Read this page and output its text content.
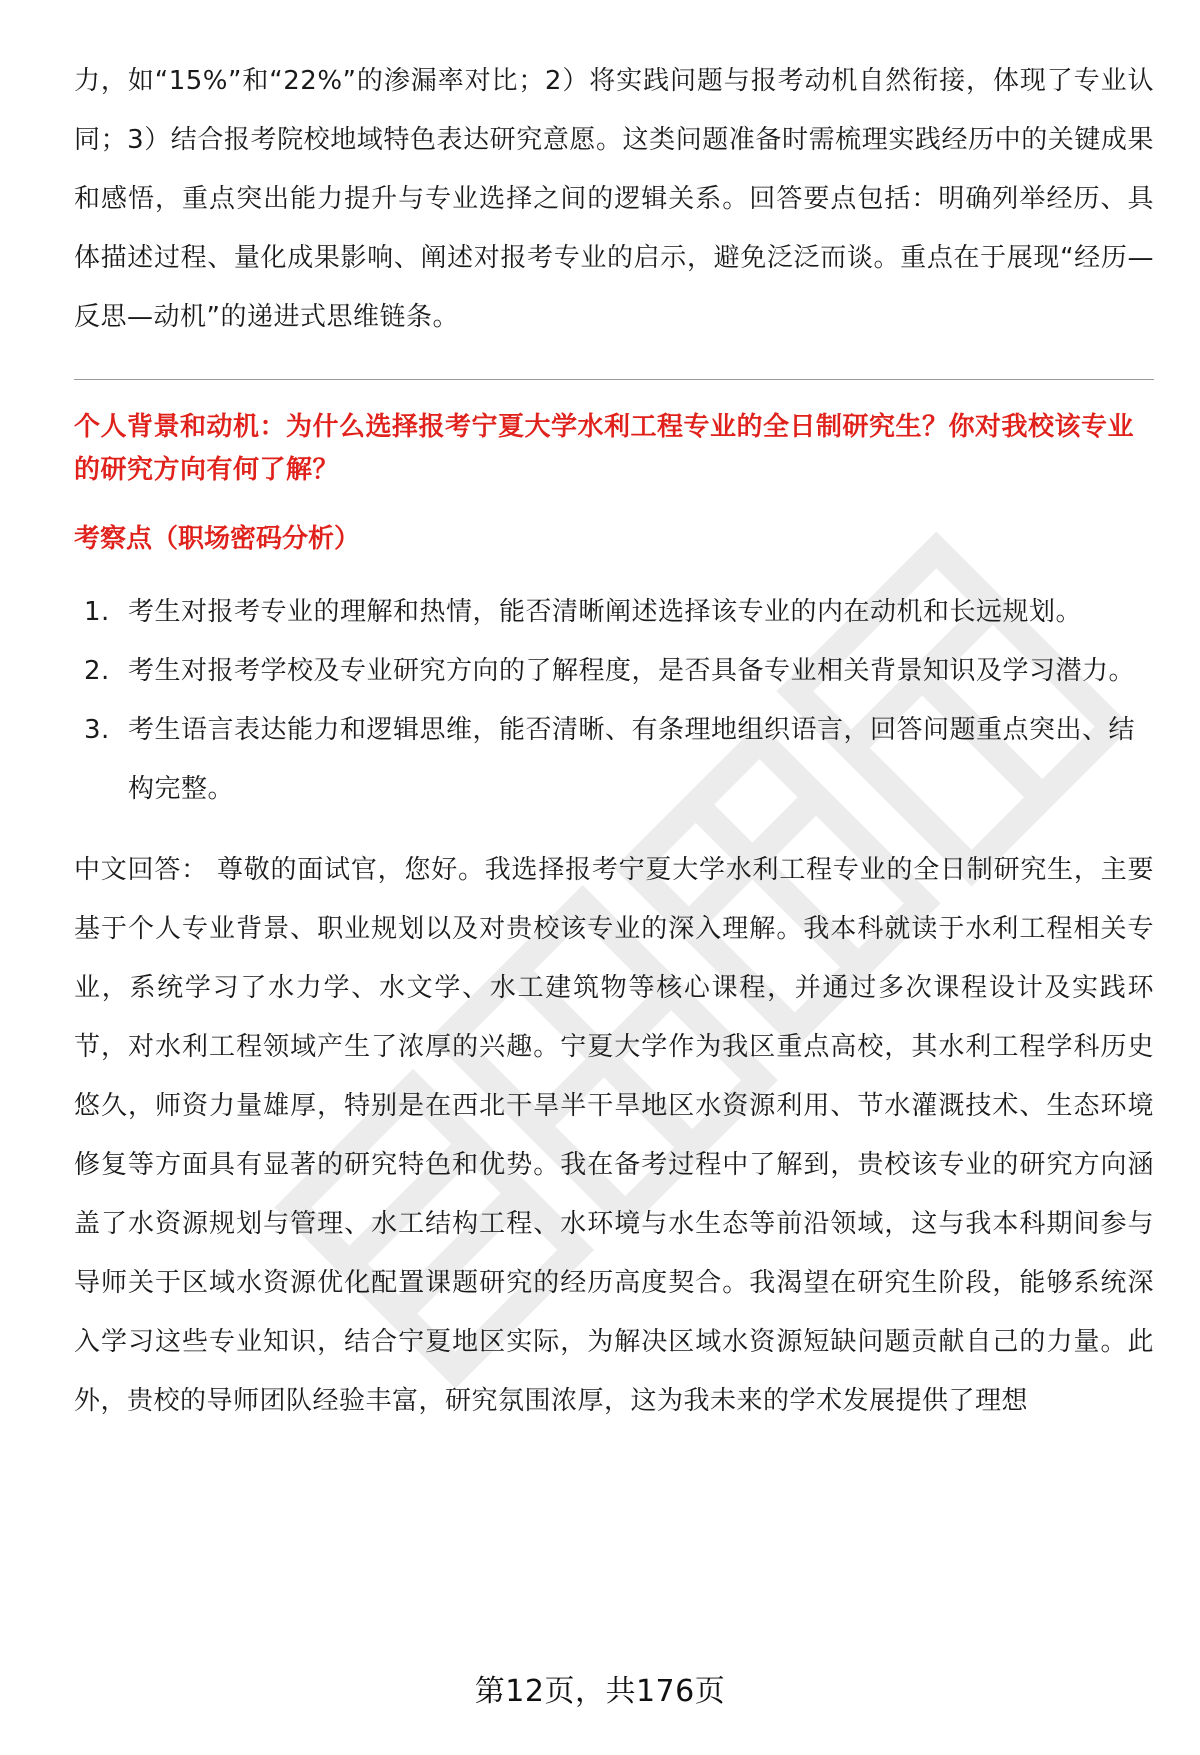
力，如“15%”和“22%”的渗漏率对比；2）将实践问题与报考动机自然衔接，体现了专业认同；3）结合报考院校地域特色表达研究意愿。这类问题准备时需梳理实践经历中的关键成果和感悟，重点突出能力提升与专业选择之间的逻辑关系。回答要点包括：明确列举经历、具体描述过程、量化成果影响、阐述对报考专业的启示，避免泛泛而谈。重点在于展现“经历—反思—动机”的递进式思维链条。

个人背景和动机：为什么选择报考宁夏大学水利工程专业的全日制研究生？你对我校该专业的研究方向有何了解？

考察点（职场密码分析）

1. 考生对报考专业的理解和热情，能否清晰阐述选择该专业的内在动机和长远规划。
2. 考生对报考学校及专业研究方向的了解程度，是否具备专业相关背景知识及学习潜力。
3. 考生语言表达能力和逻辑思维，能否清晰、有条理地组织语言，回答问题重点突出、结构完整。

中文回答： 尊敬的面试官，您好。我选择报考宁夏大学水利工程专业的全日制研究生，主要基于个人专业背景、职业规划以及对贵校该专业的深入理解。我本科就读于水利工程相关专业，系统学习了水力学、水文学、水工建筑物等核心课程，并通过多次课程设计及实践环节，对水利工程领域产生了浓厚的兴趣。宁夏大学作为我区重点高校，其水利工程学科历史悠久，师资力量雄厚，特别是在西北干旱半干旱地区水资源利用、节水灌溉技术、生态环境修复等方面具有显著的研究特色和优势。我在备考过程中了解到，贵校该专业的研究方向涵盖了水资源规划与管理、水工结构工程、水环境与水生态等前沿领域，这与我本科期间参与导师关于区域水资源优化配置课题研究的经历高度契合。我渴望在研究生阶段，能够系统深入学习这些专业知识，结合宁夏地区实际，为解决区域水资源短缺问题贡献自己的力量。此外，贵校的导师团队经验丰富，研究氛围浓厚，这为我未来的学术发展提供了理想

第12页，共176页
